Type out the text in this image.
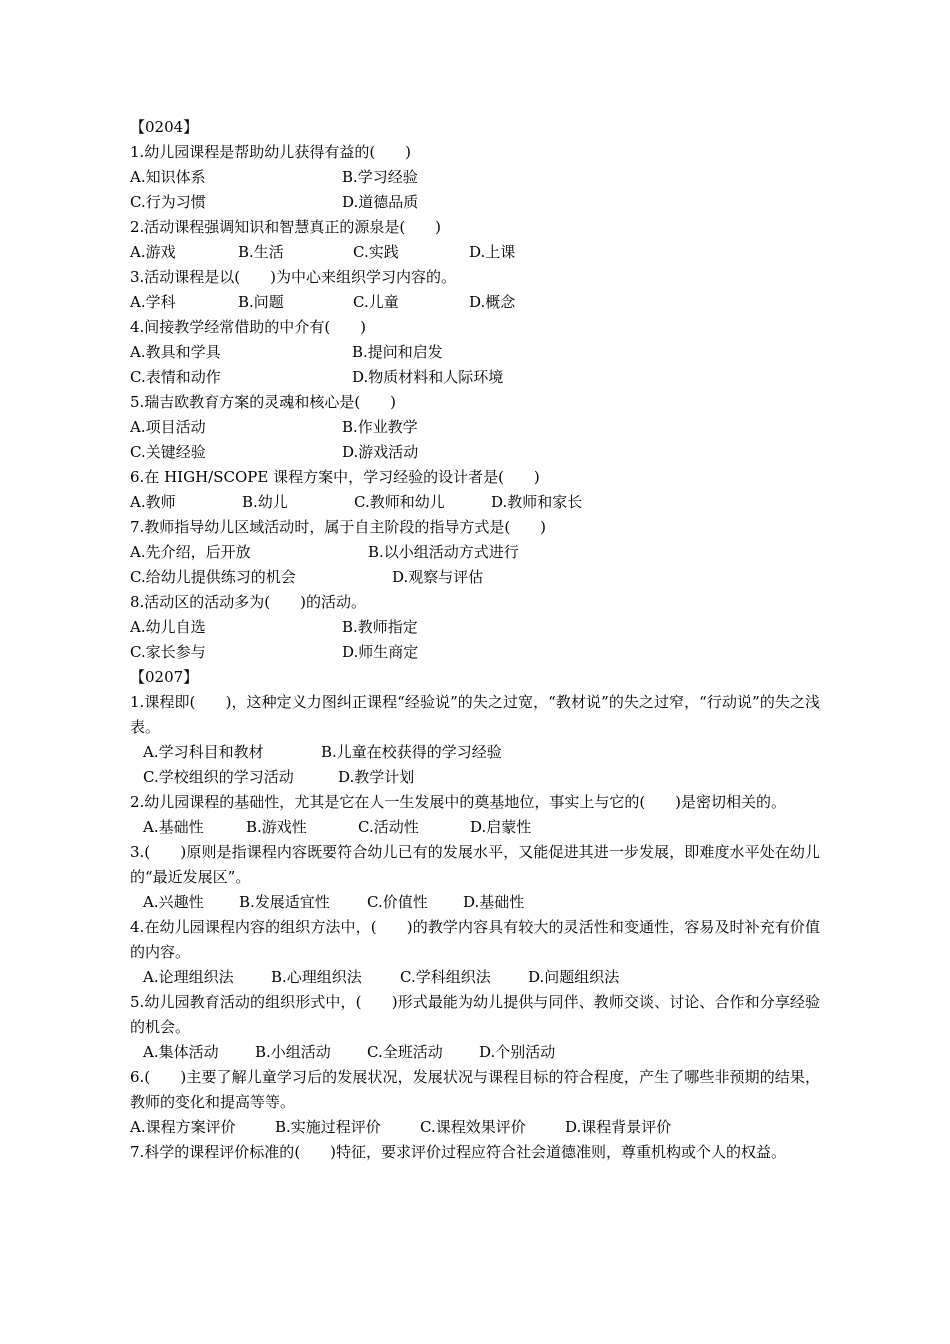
【0204】
1.幼儿园课程是帮助幼儿获得有益的(　　)
A.知识体系	B.学习经验
C.行为习惯	D.道德品质
2.活动课程强调知识和智慧真正的源泉是(　　)
A.游戏	B.生活	C.实践	D.上课
3.活动课程是以(　　)为中心来组织学习内容的。
A.学科	B.问题	C.儿童	D.概念
4.间接教学经常借助的中介有(　　)
A.教具和学具	B.提问和启发
C.表情和动作	D.物质材料和人际环境
5.瑞吉欧教育方案的灵魂和核心是(　　)
A.项目活动	B.作业教学
C.关键经验	D.游戏活动
6.在 HIGH/SCOPE 课程方案中，学习经验的设计者是(　　)
A.教师	B.幼儿	C.教师和幼儿	D.教师和家长
7.教师指导幼儿区域活动时，属于自主阶段的指导方式是(　　)
A.先介绍，后开放	B.以小组活动方式进行
C.给幼儿提供练习的机会	D.观察与评估
8.活动区的活动多为(　　)的活动。
A.幼儿自选	B.教师指定
C.家长参与	D.师生商定
【0207】
1.课程即(　　)，这种定义力图纠正课程“经验说”的失之过宽，“教材说”的失之过窄，“行动说”的失之浅表。
A.学习科目和教材	B.儿童在校获得的学习经验
C.学校组织的学习活动	D.教学计划
2.幼儿园课程的基础性，尤其是它在人一生发展中的奠基地位，事实上与它的(　　)是密切相关的。
A.基础性	B.游戏性	C.活动性	D.启蒙性
3.(　　)原则是指课程内容既要符合幼儿已有的发展水平，又能促进其进一步发展，即难度水平处在幼儿的“最近发展区”。
A.兴趣性 B.发展适宜性 C.价值性 D.基础性
4.在幼儿园课程内容的组织方法中，(　　)的教学内容具有较大的灵活性和变通性，容易及时补充有价值的内容。
A.论理组织法 B.心理组织法	C.学科组织法 D.问题组织法
5.幼儿园教育活动的组织形式中，(　　)形式最能为幼儿提供与同伴、教师交谈、讨论、合作和分享经验的机会。
A.集体活动 B.小组活动 C.全班活动 D.个别活动
6.(　　)主要了解儿童学习后的发展状况，发展状况与课程目标的符合程度，产生了哪些非预期的结果，教师的变化和提高等等。
A.课程方案评价	B.实施过程评价	C.课程效果评价	D.课程背景评价
7.科学的课程评价标准的(　　)特征，要求评价过程应符合社会道德准则，尊重机构或个人的权益。
